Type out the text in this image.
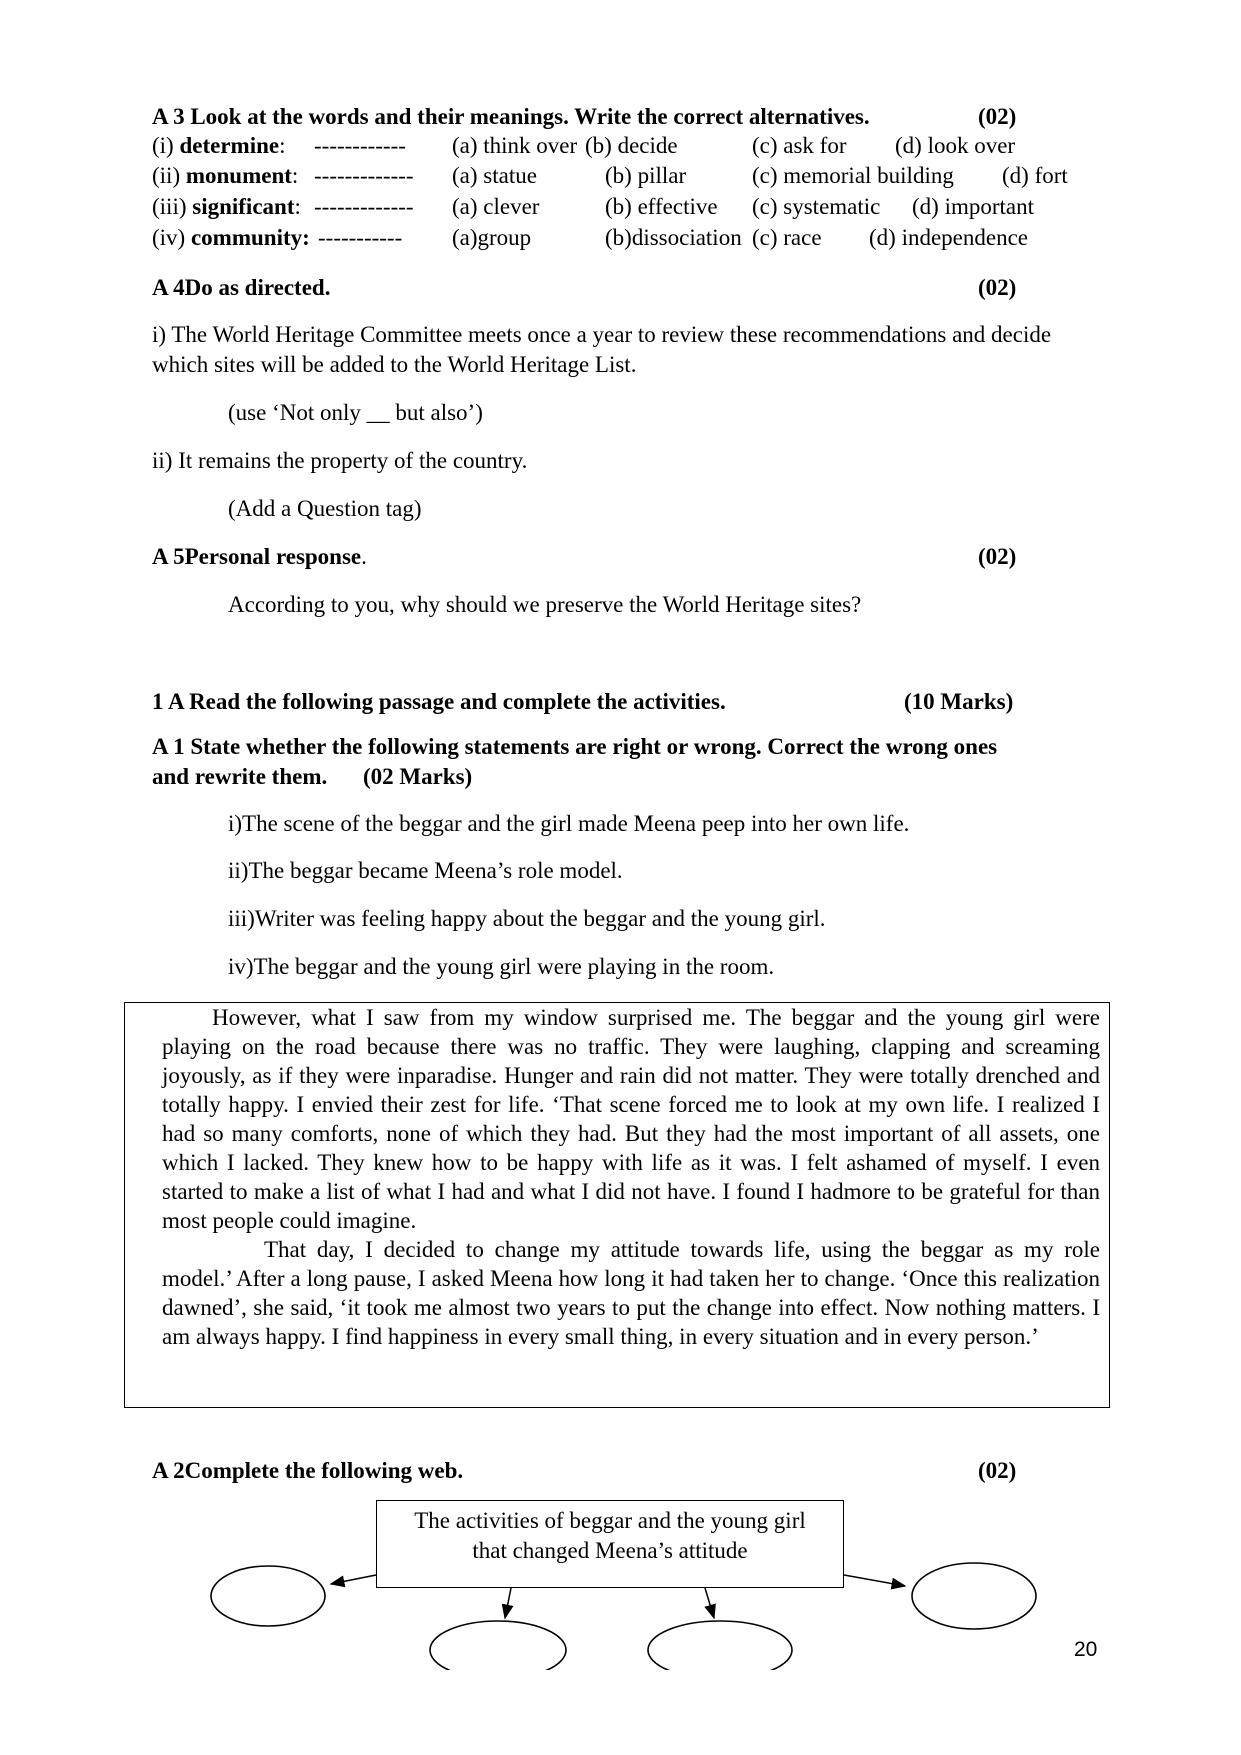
A 3 Look at the words and their meanings. Write the correct alternatives.	(02)
(i) determine: ------------ (a) think over (b) decide	(c) ask for (d) look over
(ii) monument: ------------- (a) statue	(b) pillar	(c) memorial building (d) fort
(iii) significant: ------------- (a) clever	(b) effective (c) systematic (d) important
(iv) community: ----------- (a)group	(b)dissociation (c) race (d) independence
A 4Do as directed.	(02)
i) The World Heritage Committee meets once a year to review these recommendations and decide which sites will be added to the World Heritage List.
(use ‘Not only __ but also’)
ii) It remains the property of the country.
(Add a Question tag)
A 5Personal response.	(02)
According to you, why should we preserve the World Heritage sites?
1 A Read the following passage and complete the activities.	(10 Marks)
A 1 State whether the following statements are right or wrong. Correct the wrong ones
and rewrite them. (02 Marks)
i)The scene of the beggar and the girl made Meena peep into her own life.
ii)The beggar became Meena’s role model.
iii)Writer was feeling happy about the beggar and the young girl.
iv)The beggar and the young girl were playing in the room.

However, what I saw from my window surprised me. The beggar and the young girl were playing on the road because there was no traffic. They were laughing, clapping and screaming joyously, as if they were inparadise. Hunger and rain did not matter. They were totally drenched and totally happy. I envied their zest for life. ‘That scene forced me to look at my own life. I realized I had so many comforts, none of which they had. But they had the most important of all assets, one which I lacked. They knew how to be happy with life as it was. I felt ashamed of myself. I even started to make a list of what I had and what I did not have. I found I hadmore to be grateful for than most people could imagine.

That day, I decided to change my attitude towards life, using the beggar as my role model.’ After a long pause, I asked Meena how long it had taken her to change. ‘Once this realization dawned’, she said, ‘it took me almost two years to put the change into effect. Now nothing matters. I am always happy. I find happiness in every small thing, in every situation and in every person.’

A 2Complete the following web.	(02)
The activities of beggar and the young girl
that changed Meena’s attitude
20
